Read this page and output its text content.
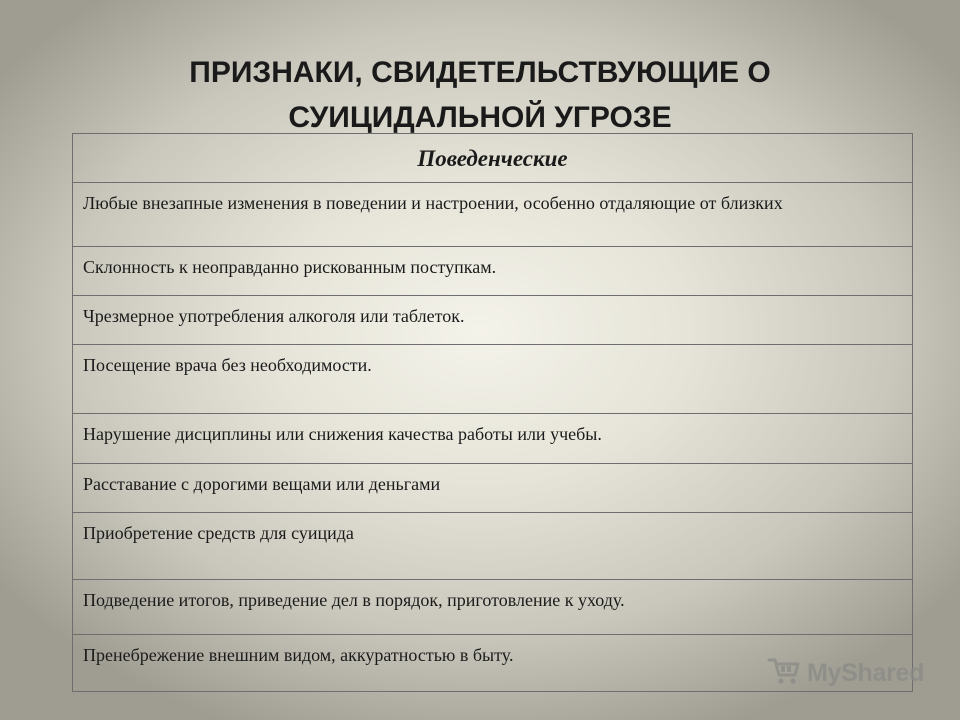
ПРИЗНАКИ, СВИДЕТЕЛЬСТВУЮЩИЕ О
СУИЦИДАЛЬНОЙ УГРОЗЕ
Поведенческие
Любые внезапные изменения в поведении и настроении, особенно отдаляющие от близких
Склонность к неоправданно рискованным поступкам.
Чрезмерное употребления алкоголя или таблеток.
Посещение врача без необходимости.
Нарушение дисциплины или снижения качества работы или учебы.
Расставание с дорогими вещами или деньгами
Приобретение средств для суицида
Подведение итогов, приведение дел в порядок, приготовление к уходу.
Пренебрежение внешним видом, аккуратностью в быту.
MyShared
